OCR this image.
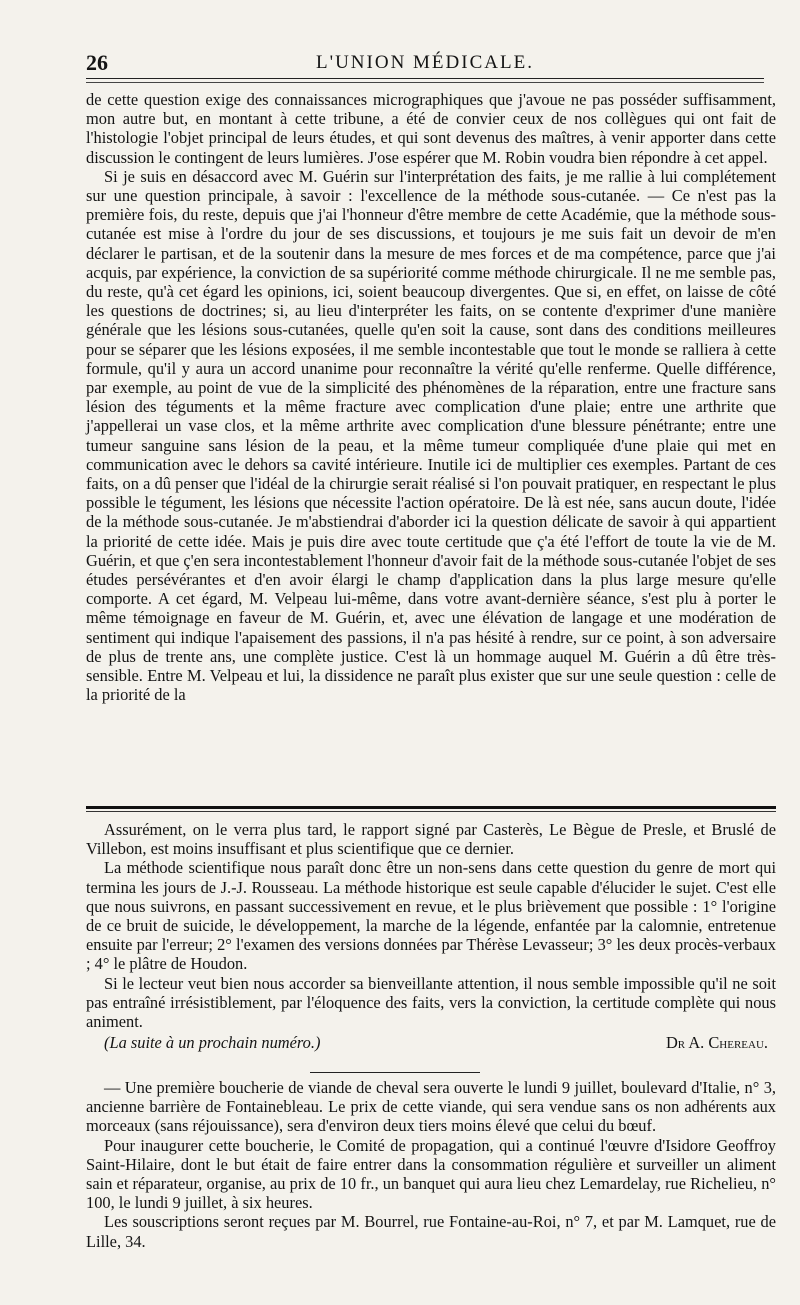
26	L'UNION MÉDICALE.

de cette question exige des connaissances micrographiques que j'avoue ne pas posséder suffisamment, mon autre but, en montant à cette tribune, a été de convier ceux de nos collègues qui ont fait de l'histologie l'objet principal de leurs études, et qui sont devenus des maîtres, à venir apporter dans cette discussion le contingent de leurs lumières. J'ose espérer que M. Robin voudra bien répondre à cet appel.

Si je suis en désaccord avec M. Guérin sur l'interprétation des faits, je me rallie à lui complétement sur une question principale, à savoir : l'excellence de la méthode sous-cutanée. — Ce n'est pas la première fois, du reste, depuis que j'ai l'honneur d'être membre de cette Académie, que la méthode sous-cutanée est mise à l'ordre du jour de ses discussions, et toujours je me suis fait un devoir de m'en déclarer le partisan, et de la soutenir dans la mesure de mes forces et de ma compétence, parce que j'ai acquis, par expérience, la conviction de sa supériorité comme méthode chirurgicale. Il ne me semble pas, du reste, qu'à cet égard les opinions, ici, soient beaucoup divergentes. Que si, en effet, on laisse de côté les questions de doctrines; si, au lieu d'interpréter les faits, on se contente d'exprimer d'une manière générale que les lésions sous-cutanées, quelle qu'en soit la cause, sont dans des conditions meilleures pour se séparer que les lésions exposées, il me semble incontestable que tout le monde se ralliera à cette formule, qu'il y aura un accord unanime pour reconnaître la vérité qu'elle renferme. Quelle différence, par exemple, au point de vue de la simplicité des phénomènes de la réparation, entre une fracture sans lésion des téguments et la même fracture avec complication d'une plaie; entre une arthrite que j'appellerai un vase clos, et la même arthrite avec complication d'une blessure pénétrante; entre une tumeur sanguine sans lésion de la peau, et la même tumeur compliquée d'une plaie qui met en communication avec le dehors sa cavité intérieure. Inutile ici de multiplier ces exemples. Partant de ces faits, on a dû penser que l'idéal de la chirurgie serait réalisé si l'on pouvait pratiquer, en respectant le plus possible le tégument, les lésions que nécessite l'action opératoire. De là est née, sans aucun doute, l'idée de la méthode sous-cutanée. Je m'abstiendrai d'aborder ici la question délicate de savoir à qui appartient la priorité de cette idée. Mais je puis dire avec toute certitude que ç'a été l'effort de toute la vie de M. Guérin, et que ç'en sera incontestablement l'honneur d'avoir fait de la méthode sous-cutanée l'objet de ses études persévérantes et d'en avoir élargi le champ d'application dans la plus large mesure qu'elle comporte. A cet égard, M. Velpeau lui-même, dans votre avant-dernière séance, s'est plu à porter le même témoignage en faveur de M. Guérin, et, avec une élévation de langage et une modération de sentiment qui indique l'apaisement des passions, il n'a pas hésité à rendre, sur ce point, à son adversaire de plus de trente ans, une complète justice. C'est là un hommage auquel M. Guérin a dû être très-sensible. Entre M. Velpeau et lui, la dissidence ne paraît plus exister que sur une seule question : celle de la priorité de la

Assurément, on le verra plus tard, le rapport signé par Casterès, Le Bègue de Presle, et Bruslé de Villebon, est moins insuffisant et plus scientifique que ce dernier.

La méthode scientifique nous paraît donc être un non-sens dans cette question du genre de mort qui termina les jours de J.-J. Rousseau. La méthode historique est seule capable d'élucider le sujet. C'est elle que nous suivrons, en passant successivement en revue, et le plus brièvement que possible : 1° l'origine de ce bruit de suicide, le développement, la marche de la légende, enfantée par la calomnie, entretenue ensuite par l'erreur; 2° l'examen des versions données par Thérèse Levasseur; 3° les deux procès-verbaux ; 4° le plâtre de Houdon.

Si le lecteur veut bien nous accorder sa bienveillante attention, il nous semble impossible qu'il ne soit pas entraîné irrésistiblement, par l'éloquence des faits, vers la conviction, la certitude complète qui nous animent.

(La suite à un prochain numéro.)	Dr A. Chereau.

— Une première boucherie de viande de cheval sera ouverte le lundi 9 juillet, boulevard d'Italie, n° 3, ancienne barrière de Fontainebleau. Le prix de cette viande, qui sera vendue sans os non adhérents aux morceaux (sans réjouissance), sera d'environ deux tiers moins élevé que celui du bœuf.

Pour inaugurer cette boucherie, le Comité de propagation, qui a continué l'œuvre d'Isidore Geoffroy Saint-Hilaire, dont le but était de faire entrer dans la consommation régulière et surveiller un aliment sain et réparateur, organise, au prix de 10 fr., un banquet qui aura lieu chez Lemardelay, rue Richelieu, n° 100, le lundi 9 juillet, à six heures.

Les souscriptions seront reçues par M. Bourrel, rue Fontaine-au-Roi, n° 7, et par M. Lamquet, rue de Lille, 34.
